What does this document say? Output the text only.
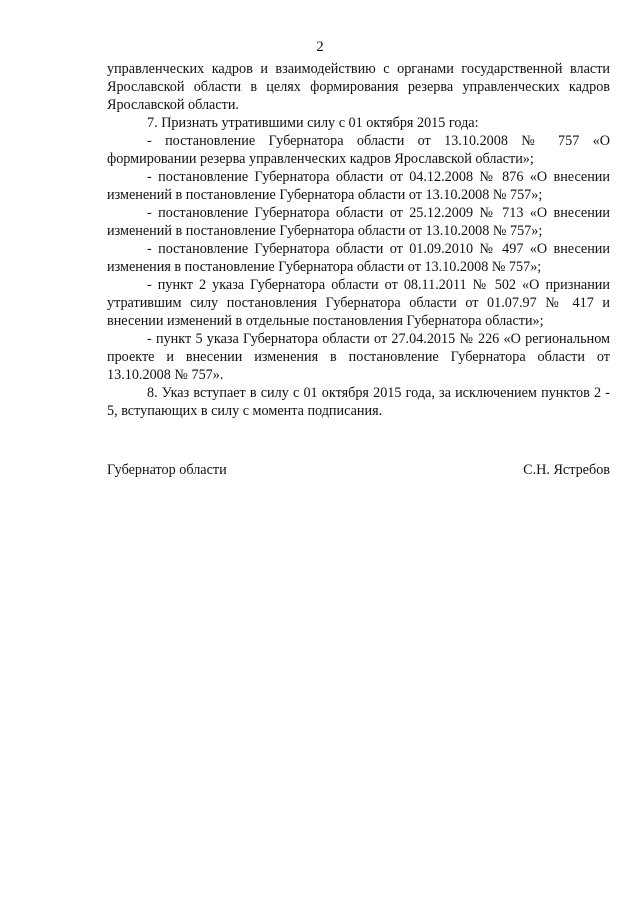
2

управленческих кадров и взаимодействию с органами государственной власти Ярославской области в целях формирования резерва управленческих кадров Ярославской области.

7. Признать утратившими силу с 01 октября 2015 года:

- постановление Губернатора области от 13.10.2008 № 757 «О формировании резерва управленческих кадров Ярославской области»;

- постановление Губернатора области от 04.12.2008 № 876 «О внесении изменений в постановление Губернатора области от 13.10.2008 № 757»;

- постановление Губернатора области от 25.12.2009 № 713 «О внесении изменений в постановление Губернатора области от 13.10.2008 № 757»;

- постановление Губернатора области от 01.09.2010 № 497 «О внесении изменения в постановление Губернатора области от 13.10.2008 № 757»;

- пункт 2 указа Губернатора области от 08.11.2011 № 502 «О признании утратившим силу постановления Губернатора области от 01.07.97 № 417 и внесении изменений в отдельные постановления Губернатора области»;

- пункт 5 указа Губернатора области от 27.04.2015 № 226 «О региональном проекте и внесении изменения в постановление Губернатора области от 13.10.2008 № 757».

8. Указ вступает в силу с 01 октября 2015 года, за исключением пунктов 2 - 5, вступающих в силу с момента подписания.

Губернатор области	С.Н. Ястребов
